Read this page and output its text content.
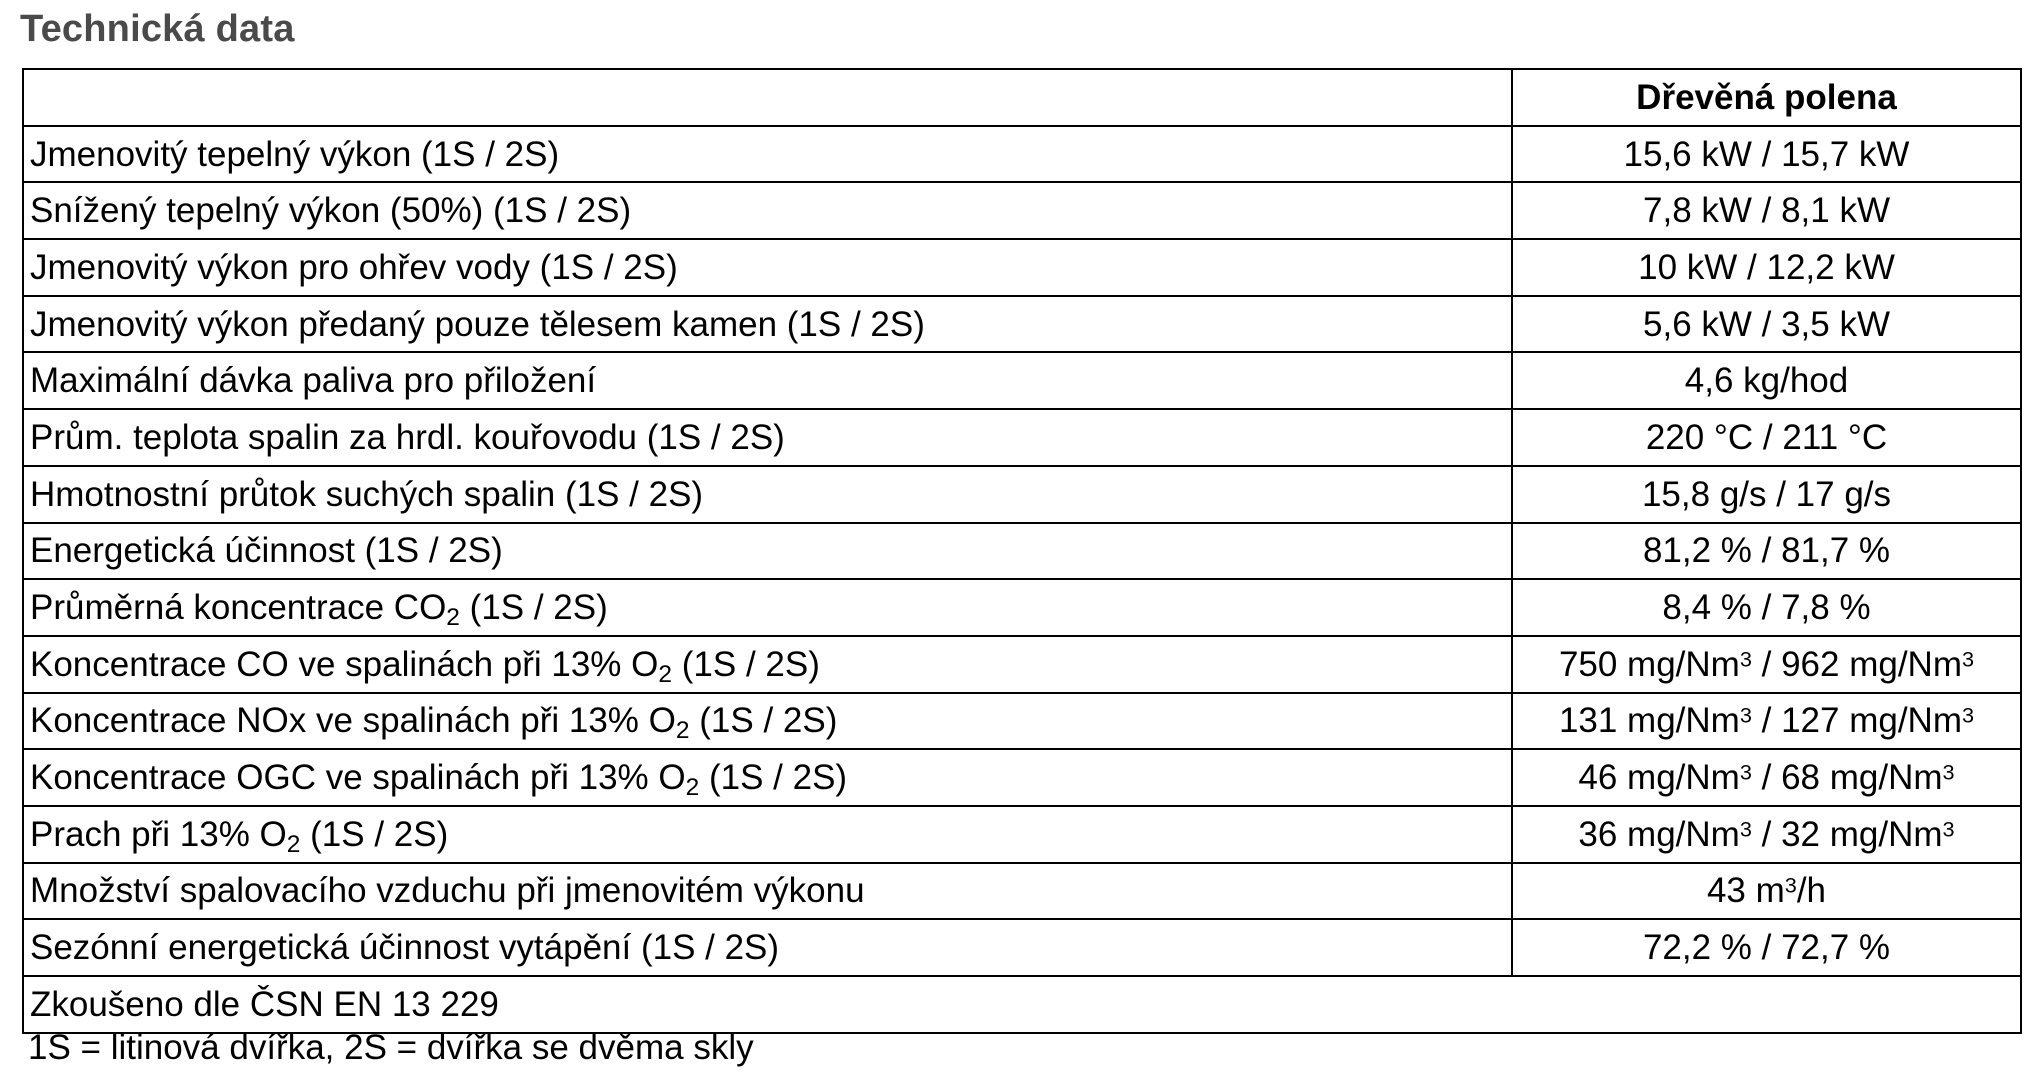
Technická data
	Dřevěná polena
Jmenovitý tepelný výkon (1S / 2S)	15,6 kW / 15,7 kW
Snížený tepelný výkon (50%) (1S / 2S)	7,8 kW / 8,1 kW
Jmenovitý výkon pro ohřev vody (1S / 2S)	10 kW / 12,2 kW
Jmenovitý výkon předaný pouze tělesem kamen (1S / 2S)	5,6 kW / 3,5 kW
Maximální dávka paliva pro přiložení	4,6 kg/hod
Prům. teplota spalin za hrdl. kouřovodu (1S / 2S)	220 °C / 211 °C
Hmotnostní průtok suchých spalin (1S / 2S)	15,8 g/s / 17 g/s
Energetická účinnost (1S / 2S)	81,2 % / 81,7 %
Průměrná koncentrace $CO_2$ (1S / 2S)	8,4 % / 7,8 %
Koncentrace CO ve spalinách při 13% $O_2$ (1S / 2S)	750 mg/Nm$^3$ / 962 mg/Nm$^3$
Koncentrace NOx ve spalinách při 13% $O_2$ (1S / 2S)	131 mg/Nm$^3$ / 127 mg/Nm$^3$
Koncentrace OGC ve spalinách při 13% $O_2$ (1S / 2S)	46 mg/Nm$^3$ / 68 mg/Nm$^3$
Prach při 13% $O_2$ (1S / 2S)	36 mg/Nm$^3$ / 32 mg/Nm$^3$
Množství spalovacího vzduchu při jmenovitém výkonu	43 $m^3/h$
Sezónní energetická účinnost vytápění (1S / 2S)	72,2 % / 72,7 %
Zkoušeno dle ČSN EN 13 229	
1S = litinová dvířka, 2S = dvířka se dvěma skly
